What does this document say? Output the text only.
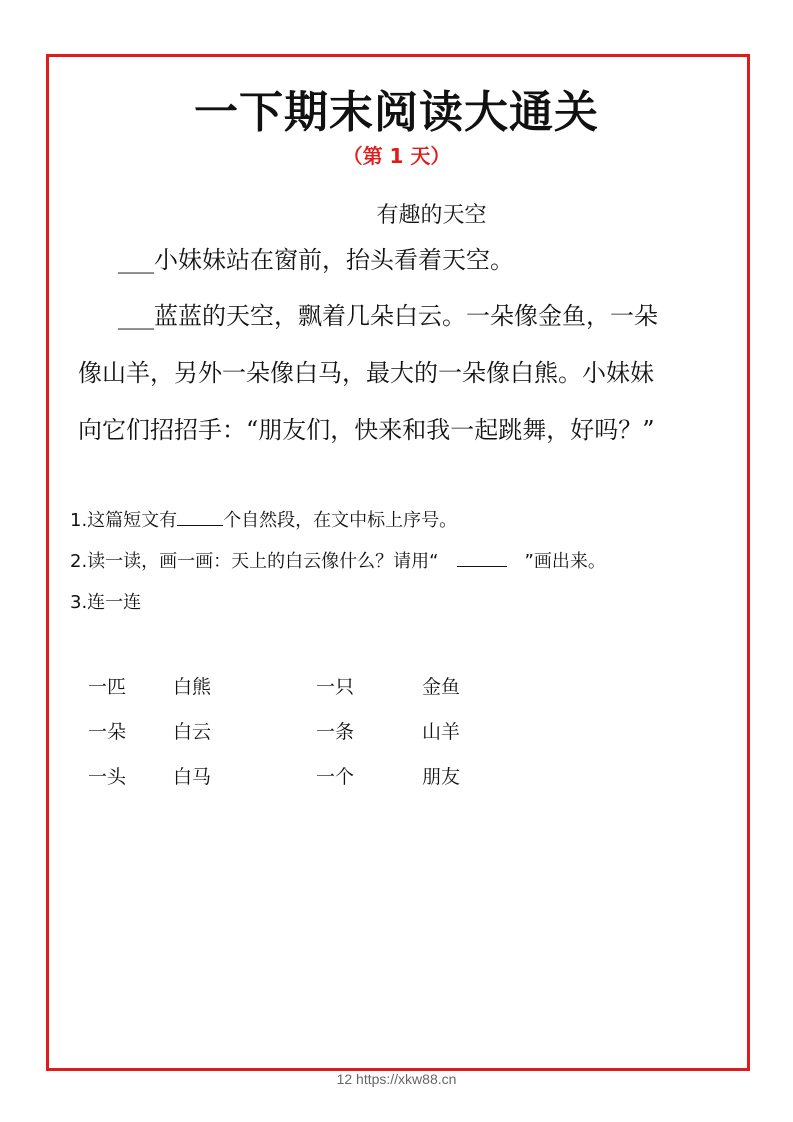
一下期末阅读大通关
（第 1 天）
有趣的天空
___小妹妹站在窗前，抬头看着天空。
___蓝蓝的天空，飘着几朵白云。一朵像金鱼，一朵
像山羊，另外一朵像白马，最大的一朵像白熊。小妹妹
向它们招招手：“朋友们，快来和我一起跳舞，好吗？”
1.这篇短文有	个自然段，在文中标上序号。
2.读一读，画一画：天上的白云像什么？请用“	”画出来。
3.连一连
一匹 白熊	一只	金鱼
一朵 白云	一条	山羊
一头 白马	一个	朋友
12 https://xkw88.cn
